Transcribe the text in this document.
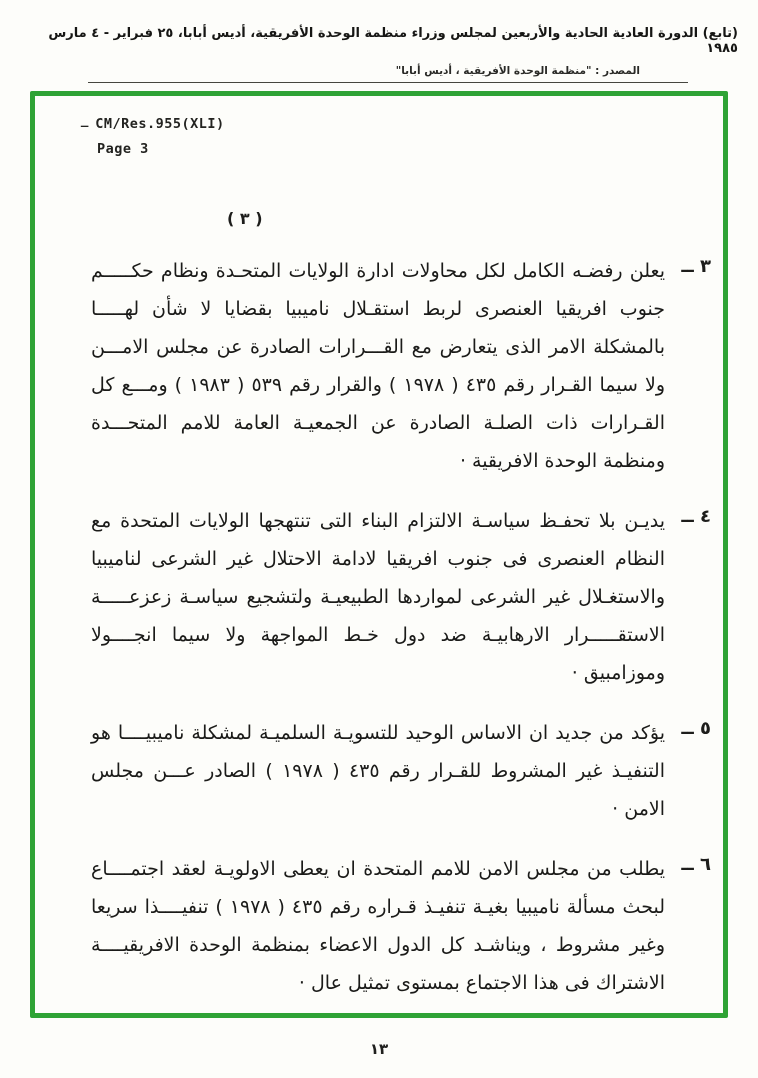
(تابع) الدورة العادية الحادية والأربعين لمجلس وزراء منظمة الوحدة الأفريقية، أديس أبابا، ٢٥ فبراير - ٤ مارس ١٩٨٥
المصدر : "منظمة الوحدة الأفريقية ، أديس أبابا"
ـ CM/Res.955(XLI)
Page 3
( ٣ )
٣ ــ
يعلن رفضـه الكامل لكل محاولات ادارة الولايات المتحـدة ونظام حكـــــم جنوب افريقيا العنصرى لربط استقـلال ناميبيا بقضايا لا شأن لهـــــا بالمشكلة الامر الذى يتعارض مع القـــرارات الصادرة عن مجلس الامـــن ولا سيما القـرار رقم ٤٣٥ ( ١٩٧٨ ) والقرار رقم ٥٣٩ ( ١٩٨٣ ) ومـــع كل القـرارات ذات الصلـة الصادرة عن الجمعيـة العامة للامم المتحـــدة ومنظمة الوحدة الافريقية ·
٤ ــ
يديـن بلا تحفـظ سياسـة الالتزام البناء التى تنتهجها الولايات المتحدة مع النظام العنصرى فى جنوب افريقيا لادامة الاحتلال غير الشرعى لناميبيا والاستغـلال غير الشرعى لمواردها الطبيعيـة ولتشجيع سياسـة زعزعـــــة الاستقـــــرار الارهابيـة ضد دول خـط المواجهة ولا سيما انجــــولا وموزامبيق ·
٥ ــ
يؤكد من جديد ان الاساس الوحيد للتسويـة السلميـة لمشكلة ناميبيــــا هو التنفيـذ غير المشروط للقـرار رقم ٤٣٥ ( ١٩٧٨ ) الصادر عـــن مجلس الامن ·
٦ ــ
يطلب من مجلس الامن للامم المتحدة ان يعطى الاولويـة لعقد اجتمــــاع لبحث مسألة ناميبيا بغيـة تنفيـذ قـراره رقم ٤٣٥ ( ١٩٧٨ ) تنفيــــذا سريعا وغير مشروط ، ويناشـد كل الدول الاعضاء بمنظمة الوحدة الافريقيــــة الاشتراك فى هذا الاجتماع بمستوى تمثيل عال ·
١٣
